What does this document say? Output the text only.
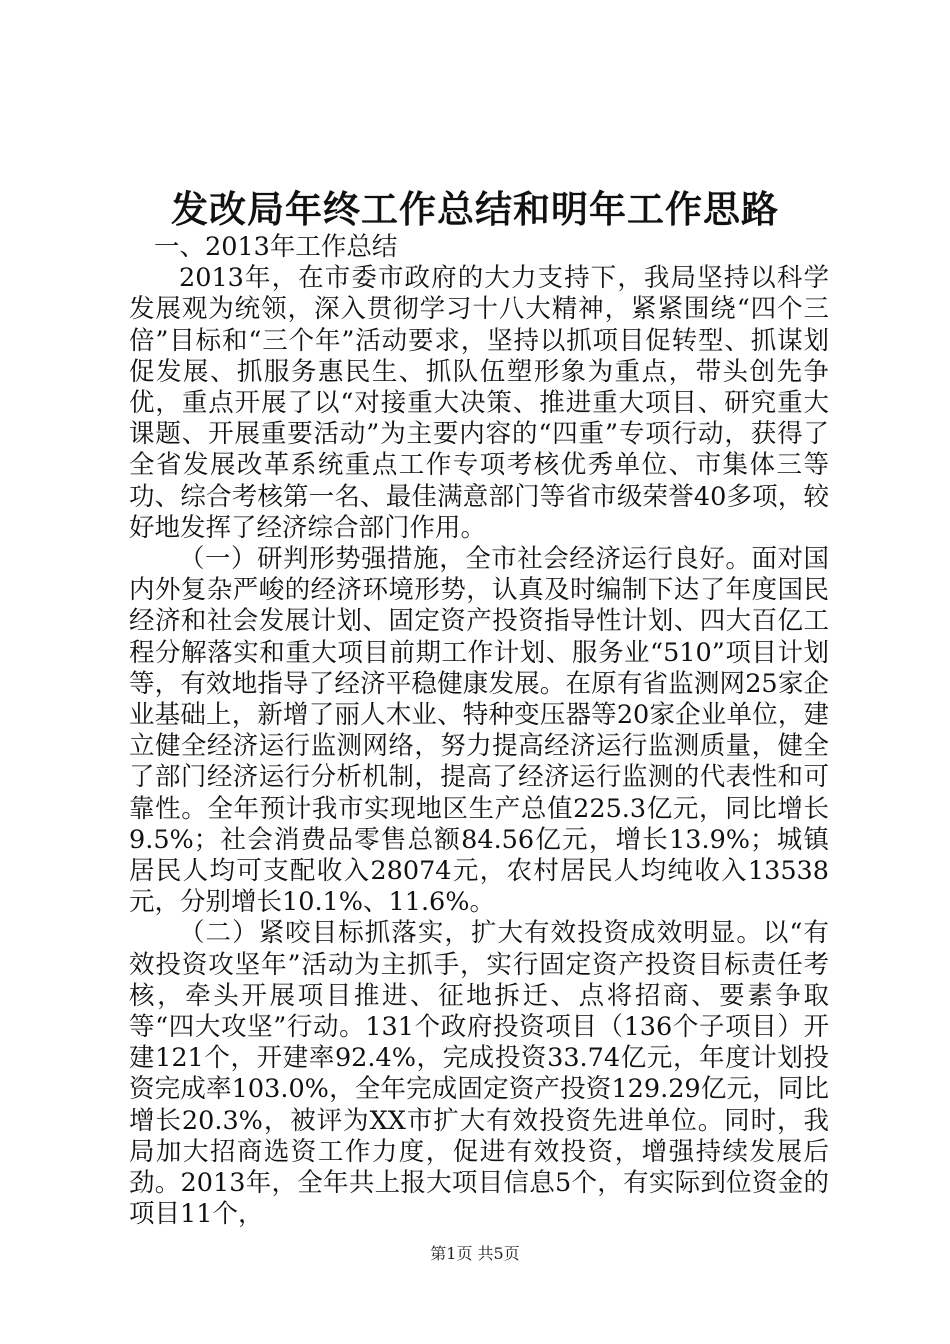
发改局年终工作总结和明年工作思路

一、2013年工作总结

2013年，在市委市政府的大力支持下，我局坚持以科学发展观为统领，深入贯彻学习十八大精神，紧紧围绕“四个三倍”目标和“三个年”活动要求，坚持以抓项目促转型、抓谋划促发展、抓服务惠民生、抓队伍塑形象为重点，带头创先争优，重点开展了以“对接重大决策、推进重大项目、研究重大课题、开展重要活动”为主要内容的“四重”专项行动，获得了全省发展改革系统重点工作专项考核优秀单位、市集体三等功、综合考核第一名、最佳满意部门等省市级荣誉40多项，较好地发挥了经济综合部门作用。

（一）研判形势强措施，全市社会经济运行良好。面对国内外复杂严峻的经济环境形势，认真及时编制下达了年度国民经济和社会发展计划、固定资产投资指导性计划、四大百亿工程分解落实和重大项目前期工作计划、服务业“510”项目计划等，有效地指导了经济平稳健康发展。在原有省监测网25家企业基础上，新增了丽人木业、特种变压器等20家企业单位，建立健全经济运行监测网络，努力提高经济运行监测质量，健全了部门经济运行分析机制，提高了经济运行监测的代表性和可靠性。全年预计我市实现地区生产总值225.3亿元，同比增长9.5%；社会消费品零售总额84.56亿元，增长13.9%；城镇居民人均可支配收入28074元，农村居民人均纯收入13538元，分别增长10.1%、11.6%。

（二）紧咬目标抓落实，扩大有效投资成效明显。以“有效投资攻坚年”活动为主抓手，实行固定资产投资目标责任考核，牵头开展项目推进、征地拆迁、点将招商、要素争取等“四大攻坚”行动。131个政府投资项目（136个子项目）开建121个，开建率92.4%，完成投资33.74亿元，年度计划投资完成率103.0%，全年完成固定资产投资129.29亿元，同比增长20.3%，被评为XX市扩大有效投资先进单位。同时，我局加大招商选资工作力度，促进有效投资，增强持续发展后劲。2013年，全年共上报大项目信息5个，有实际到位资金的项目11个，

第1页 共5页
